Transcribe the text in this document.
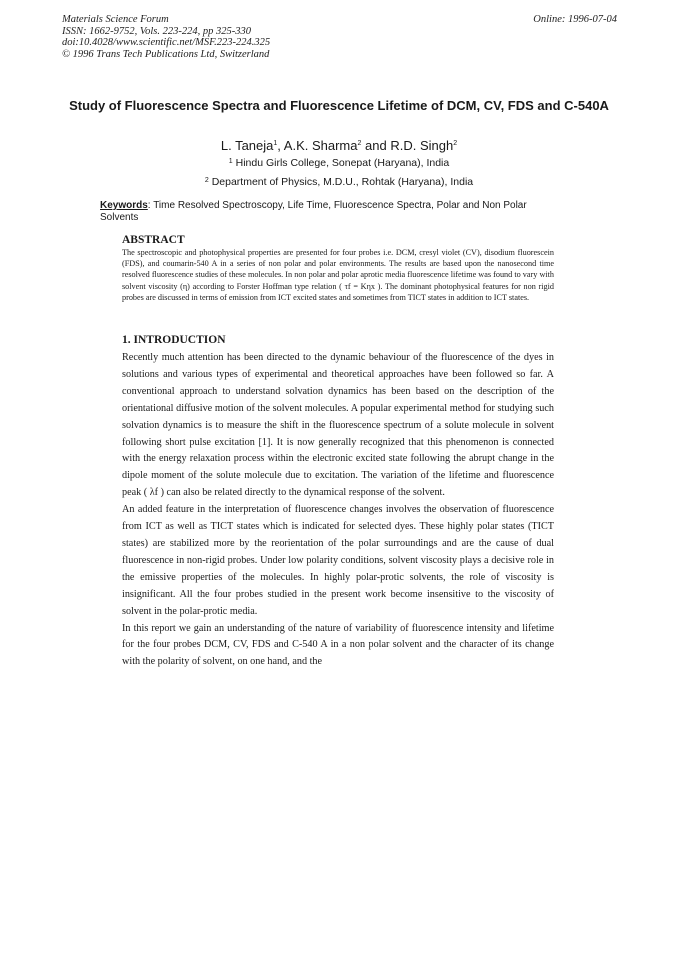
Materials Science Forum
ISSN: 1662-9752, Vols. 223-224, pp 325-330
doi:10.4028/www.scientific.net/MSF.223-224.325
© 1996 Trans Tech Publications Ltd, Switzerland
Online: 1996-07-04
Study of Fluorescence Spectra and Fluorescence Lifetime of DCM, CV, FDS and C-540A
L. Taneja$^1$, A.K. Sharma$^2$ and R.D. Singh$^2$
$^1$ Hindu Girls College, Sonepat (Haryana), India
$^2$ Department of Physics, M.D.U., Rohtak (Haryana), India
Keywords: Time Resolved Spectroscopy, Life Time, Fluorescence Spectra, Polar and Non Polar Solvents
ABSTRACT

The spectroscopic and photophysical properties are presented for four probes i.e. DCM, cresyl violet (CV), disodium fluorescein (FDS), and coumarin-540 A in a series of non polar and polar environments. The results are based upon the nanosecond time resolved fluorescence studies of these molecules. In non polar and polar aprotic media fluorescence lifetime was found to vary with solvent viscosity (η) according to Forster Hoffman type relation ( τf = Kηx ). The dominant photophysical features for non rigid probes are discussed in terms of emission from ICT excited states and sometimes from TICT states in addition to ICT states.

1. INTRODUCTION

Recently much attention has been directed to the dynamic behaviour of the fluorescence of the dyes in solutions and various types of experimental and theoretical approaches have been followed so far. A conventional approach to understand solvation dynamics has been based on the description of the orientational diffusive motion of the solvent molecules. A popular experimental method for studying such solvation dynamics is to measure the shift in the fluorescence spectrum of a solute molecule in solvent following short pulse excitation [1]. It is now generally recognized that this phenomenon is connected with the energy relaxation process within the electronic excited state following the abrupt change in the dipole moment of the solute molecule due to excitation. The variation of the lifetime and fluorescence peak ( λf ) can also be related directly to the dynamical response of the solvent.

An added feature in the interpretation of fluorescence changes involves the observation of fluorescence from ICT as well as TICT states which is indicated for selected dyes. These highly polar states (TICT states) are stabilized more by the reorientation of the polar surroundings and are the cause of dual fluorescence in non-rigid probes. Under low polarity conditions, solvent viscosity plays a decisive role in the emissive properties of the molecules. In highly polar-protic solvents, the role of viscosity is insignificant. All the four probes studied in the present work become insensitive to the viscosity of solvent in the polar-protic media.

In this report we gain an understanding of the nature of variability of fluorescence intensity and lifetime for the four probes DCM, CV, FDS and C-540 A in a non polar solvent and the character of its change with the polarity of solvent, on one hand, and the
